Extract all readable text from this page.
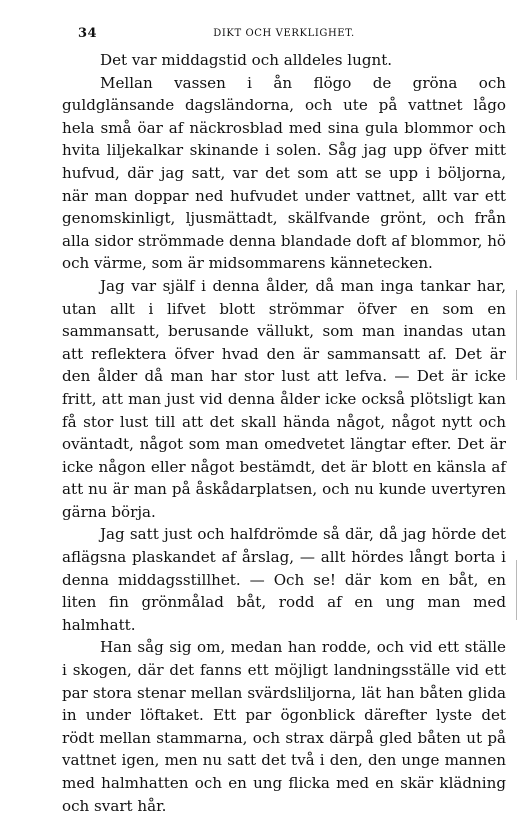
34	DIKT OCH VERKLIGHET.

Det var middagstid och alldeles lugnt.

Mellan vassen i ån flögo de gröna och guldglänsande dagsländorna, och ute på vattnet lågo hela små öar af näckrosblad med sina gula blommor och hvita liljekalkar skinande i solen. Såg jag upp öfver mitt hufvud, där jag satt, var det som att se upp i böljorna, när man doppar ned hufvudet under vattnet, allt var ett genomskinligt, ljusmättadt, skälfvande grönt, och från alla sidor strömmade denna blandade doft af blommor, hö och värme, som är midsommarens kännetecken.

Jag var själf i denna ålder, då man inga tankar har, utan allt i lifvet blott strömmar öfver en som en sammansatt, berusande vällukt, som man inandas utan att reflektera öfver hvad den är sammansatt af. Det är den ålder då man har stor lust att lefva. — Det är icke fritt, att man just vid denna ålder icke också plötsligt kan få stor lust till att det skall hända något, något nytt och oväntadt, något som man omedvetet längtar efter. Det är icke någon eller något bestämdt, det är blott en känsla af att nu är man på åskådarplatsen, och nu kunde uvertyren gärna börja.

Jag satt just och halfdrömde så där, då jag hörde det aflägsna plaskandet af årslag, — allt hördes långt borta i denna middagsstillhet. — Och se! där kom en båt, en liten fin grönmålad båt, rodd af en ung man med halmhatt.

Han såg sig om, medan han rodde, och vid ett ställe i skogen, där det fanns ett möjligt landningsställe vid ett par stora stenar mellan svärdsliljorna, lät han båten glida in under löftaket. Ett par ögonblick därefter lyste det rödt mellan stammarna, och strax därpå gled båten ut på vattnet igen, men nu satt det två i den, den unge mannen med halmhatten och en ung flicka med en skär klädning och svart hår.
